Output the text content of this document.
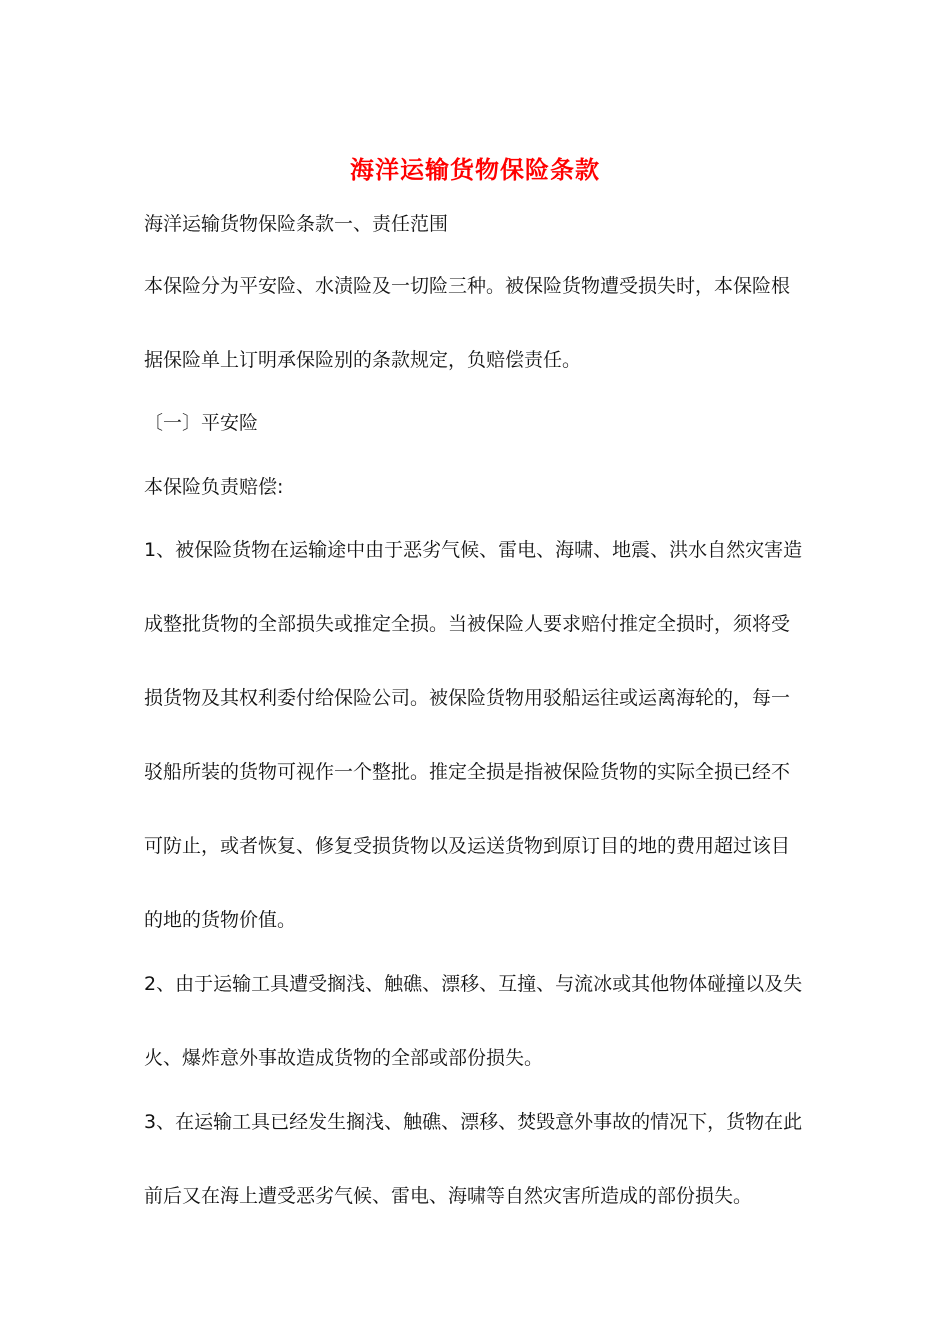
海洋运输货物保险条款
海洋运输货物保险条款一、责任范围
本保险分为平安险、水渍险及一切险三种。被保险货物遭受损失时，本保险根
据保险单上订明承保险别的条款规定，负赔偿责任。
〔一〕平安险
本保险负责赔偿:
1、被保险货物在运输途中由于恶劣气候、雷电、海啸、地震、洪水自然灾害造
成整批货物的全部损失或推定全损。当被保险人要求赔付推定全损时，须将受
损货物及其权利委付给保险公司。被保险货物用驳船运往或运离海轮的，每一
驳船所装的货物可视作一个整批。推定全损是指被保险货物的实际全损已经不
可防止，或者恢复、修复受损货物以及运送货物到原订目的地的费用超过该目
的地的货物价值。
2、由于运输工具遭受搁浅、触礁、漂移、互撞、与流冰或其他物体碰撞以及失
火、爆炸意外事故造成货物的全部或部份损失。
3、在运输工具已经发生搁浅、触礁、漂移、焚毁意外事故的情况下，货物在此
前后又在海上遭受恶劣气候、雷电、海啸等自然灾害所造成的部份损失。
